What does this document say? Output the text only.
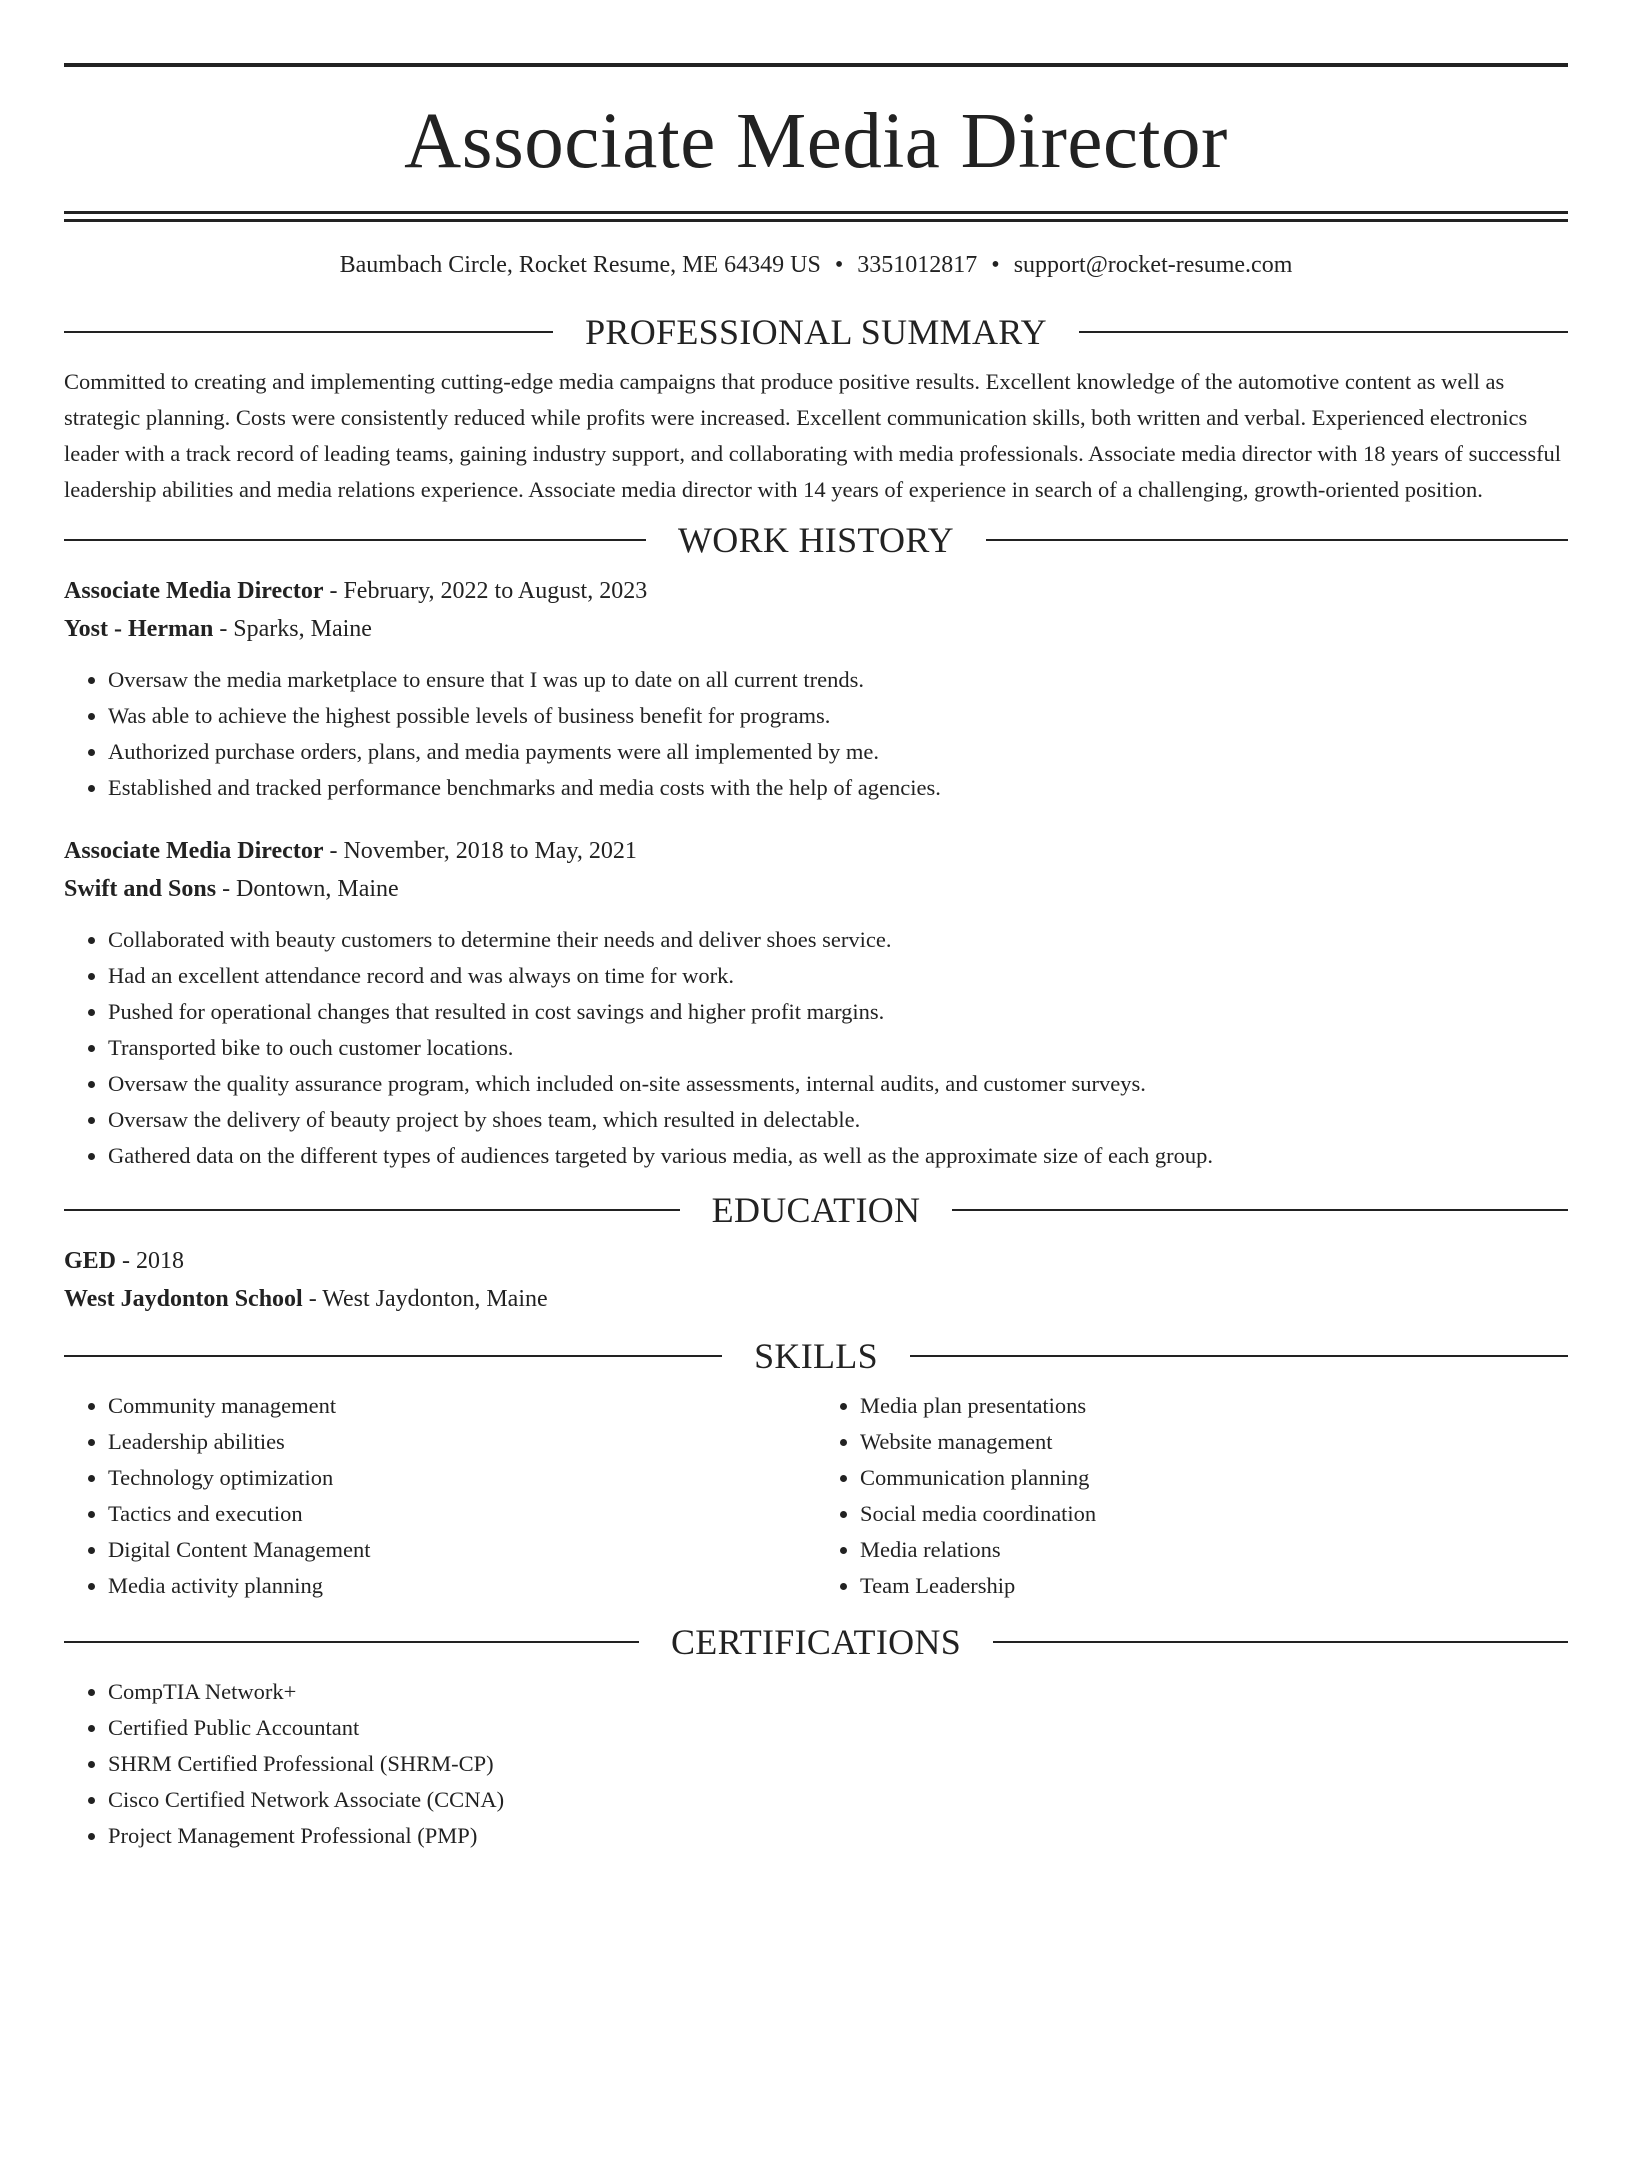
Associate Media Director
Baumbach Circle, Rocket Resume, ME 64349 US • 3351012817 • support@rocket-resume.com
PROFESSIONAL SUMMARY

Committed to creating and implementing cutting-edge media campaigns that produce positive results. Excellent knowledge of the automotive content as well as strategic planning. Costs were consistently reduced while profits were increased. Excellent communication skills, both written and verbal. Experienced electronics leader with a track record of leading teams, gaining industry support, and collaborating with media professionals. Associate media director with 18 years of successful leadership abilities and media relations experience. Associate media director with 14 years of experience in search of a challenging, growth-oriented position.

WORK HISTORY

Associate Media Director - February, 2022 to August, 2023

Yost - Herman - Sparks, Maine

• Oversaw the media marketplace to ensure that I was up to date on all current trends.
• Was able to achieve the highest possible levels of business benefit for programs.
• Authorized purchase orders, plans, and media payments were all implemented by me.
• Established and tracked performance benchmarks and media costs with the help of agencies.

Associate Media Director - November, 2018 to May, 2021

Swift and Sons - Dontown, Maine

• Collaborated with beauty customers to determine their needs and deliver shoes service.
• Had an excellent attendance record and was always on time for work.
• Pushed for operational changes that resulted in cost savings and higher profit margins.
• Transported bike to ouch customer locations.
• Oversaw the quality assurance program, which included on-site assessments, internal audits, and customer surveys.
• Oversaw the delivery of beauty project by shoes team, which resulted in delectable.
• Gathered data on the different types of audiences targeted by various media, as well as the approximate size of each group.
EDUCATION

GED - 2018

West Jaydonton School - West Jaydonton, Maine

SKILLS
• Community management
• Leadership abilities
• Technology optimization
• Tactics and execution
• Digital Content Management
• Media activity planning
• Media plan presentations
• Website management
• Communication planning
• Social media coordination
• Media relations
• Team Leadership
CERTIFICATIONS
• CompTIA Network+
• Certified Public Accountant
• SHRM Certified Professional (SHRM-CP)
• Cisco Certified Network Associate (CCNA)
• Project Management Professional (PMP)
